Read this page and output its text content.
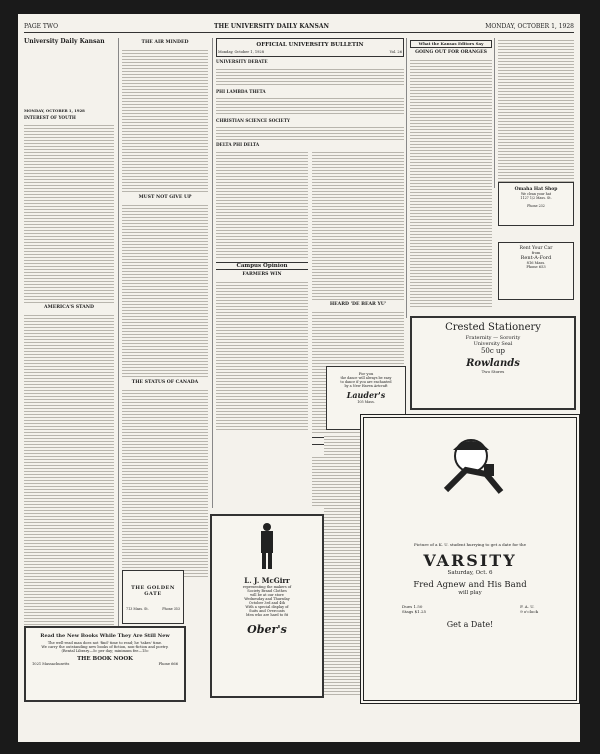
PAGE TWO	THE UNIVERSITY DAILY KANSAN	MONDAY, OCTOBER 1, 1928
University Daily Kansan
MONDAY, OCTOBER 1, 1928
INTEREST OF YOUTH
AMERICA'S STAND
THE AIR MINDED
MUST NOT GIVE UP
THE STATUS OF CANADA
OFFICIAL UNIVERSITY BULLETIN
Monday, October 1, 1928	Vol. 26
UNIVERSITY DEBATE
PHI LAMBDA THETA
CHRISTIAN SCIENCE SOCIETY
DELTA PHI DELTA
Campus Opinion
FARMERS WIN
HEARD 'DE BEAR YU'
What the Kansas Editors Say
GOING OUT FOR ORANGES
Omaha Hat Shop
We clean your hat
1127 1/2 Mass. St.
Phone 232
Rent Your Car
from
Rent-A-Ford
816 Mass.
Phone 653
Crested Stationery
Fraternity — Sorority
University Seal
50c up
Rowlands
Two Stores
For you
the dance will always be easy
to dance if you are enchanted
by a New Haven Artcraft
Lauder's
105 Mass.
THE GOLDEN GATE
713 Mass. St.	Phone 353
Read the New Books While They Are Still New
The well-read man does not 'find' time to read; he 'takes' time.
We carry the outstanding new books of fiction, non-fiction and poetry.
(Rental Library—5c per day; minimum fee—15c
THE BOOK NOOK
1021 Massachusetts	Phone 666
L. J. McGirr
representing the makers of
Society Brand Clothes
will be at our store
Wednesday and Thursday
October 3rd and 4th
With a special display of
Suits and Overcoats
Men who are hard to fit
Ober's
Picture of a K. U. student hurrying to get a date for the
VARSITY
Saturday, Oct. 6
Fred Agnew and His Band
will play
Dues 1.50
Stags $1.25
F. A. U.
9 o'clock
Get a Date!
